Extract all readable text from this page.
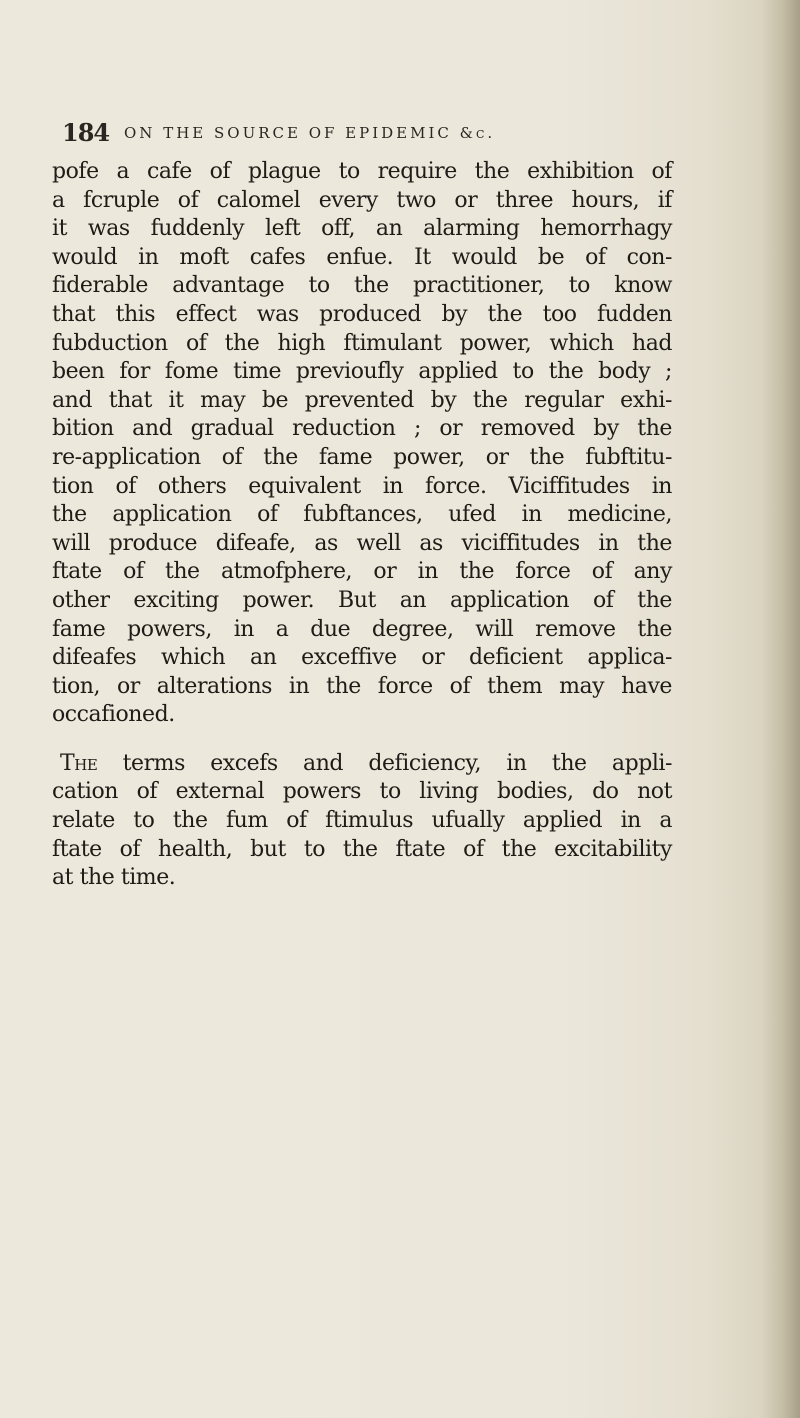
184 ON THE SOURCE OF EPIDEMIC &c.
pofe a cafe of plague to require the exhibition of
a fcruple of calomel every two or three hours, if
it was fuddenly left off, an alarming hemorrhagy
would in moft cafes enfue. It would be of con-
fiderable advantage to the practitioner, to know
that this effect was produced by the too fudden
fubduction of the high ftimulant power, which had
been for fome time previoufly applied to the body ;
and that it may be prevented by the regular exhi-
bition and gradual reduction ; or removed by the
re-application of the fame power, or the fubftitu-
tion of others equivalent in force. Viciffitudes in
the application of fubftances, ufed in medicine,
will produce difeafe, as well as viciffitudes in the
ftate of the atmofphere, or in the force of any
other exciting power. But an application of the
fame powers, in a due degree, will remove the
difeafes which an exceffive or deficient applica-
tion, or alterations in the force of them may have
occafioned.
The terms excefs and deficiency, in the appli-
cation of external powers to living bodies, do not
relate to the fum of ftimulus ufually applied in a
ftate of health, but to the ftate of the excitability
at the time.
